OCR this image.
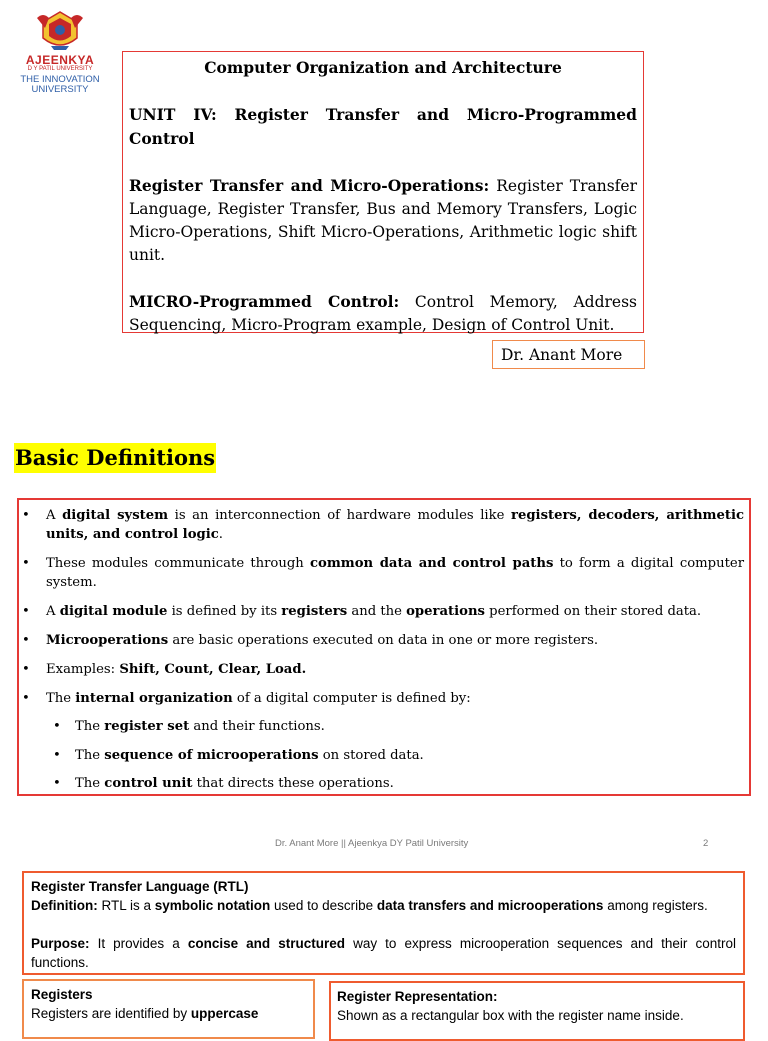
AJEENKYA
D Y PATIL UNIVERSITY
THE INNOVATION
UNIVERSITY

Computer Organization and Architecture

UNIT IV: Register Transfer and Micro-Programmed Control

Register Transfer and Micro-Operations: Register Transfer Language, Register Transfer, Bus and Memory Transfers, Logic Micro-Operations, Shift Micro-Operations, Arithmetic logic shift unit.

MICRO-Programmed Control: Control Memory, Address Sequencing, Micro-Program example, Design of Control Unit.

Dr. Anant More
Basic Definitions
• A digital system is an interconnection of hardware modules like registers, decoders, arithmetic units, and control logic.
• These modules communicate through common data and control paths to form a digital computer system.
• A digital module is defined by its registers and the operations performed on their stored data.
• Microoperations are basic operations executed on data in one or more registers.
• Examples: Shift, Count, Clear, Load.
• The internal organization of a digital computer is defined by:
• The register set and their functions.
• The sequence of microoperations on stored data.
• The control unit that directs these operations.
Dr. Anant More || Ajeenkya DY Patil University	2

Register Transfer Language (RTL)

Definition: RTL is a symbolic notation used to describe data transfers and microoperations among registers.

Purpose: It provides a concise and structured way to express microoperation sequences and their control functions.

Registers

Registers are identified by uppercase

Register Representation:

Shown as a rectangular box with the register name inside.
